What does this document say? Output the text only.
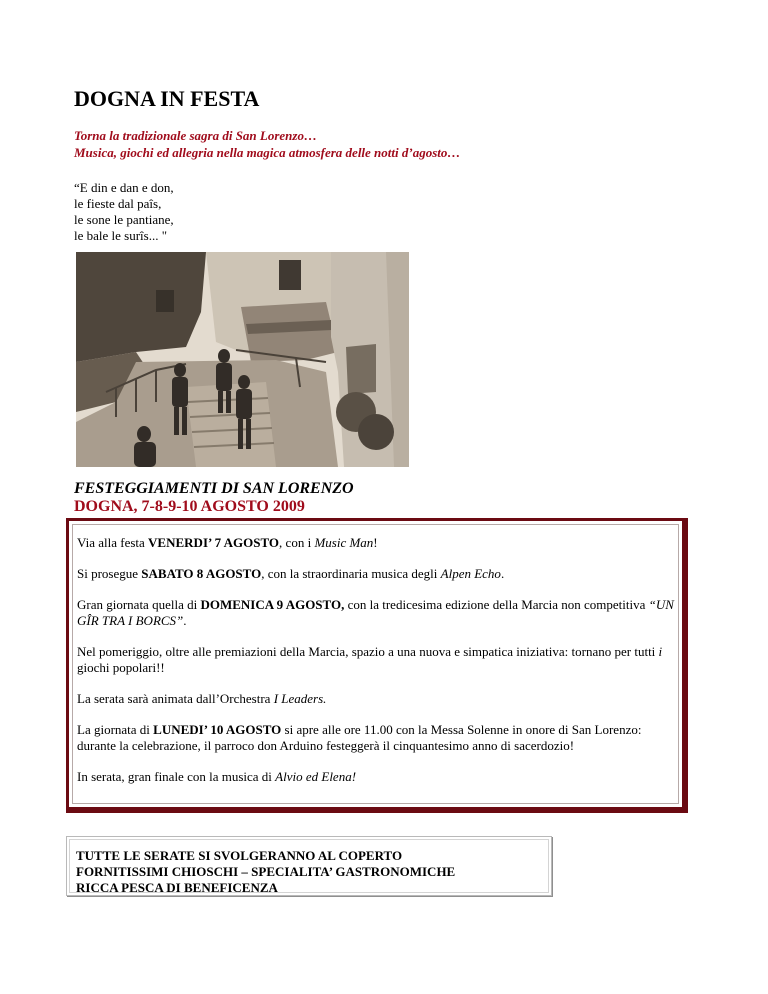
DOGNA IN FESTA
Torna la tradizionale sagra di San Lorenzo…
Musica, giochi ed allegria nella magica atmosfera delle notti d’agosto…
“E din e dan e don,
le fieste dal paîs,
le sone le pantiane,
le bale le surîs... "
FESTEGGIAMENTI DI SAN LORENZO
DOGNA, 7-8-9-10 AGOSTO 2009

Via alla festa VENERDI’ 7 AGOSTO, con i Music Man!

Si prosegue SABATO 8 AGOSTO, con la straordinaria musica degli Alpen Echo.

Gran giornata quella di DOMENICA 9 AGOSTO, con la tredicesima edizione della Marcia non competitiva “UN GÎR TRA I BORCS”.

Nel pomeriggio, oltre alle premiazioni della Marcia, spazio a una nuova e simpatica iniziativa: tornano per tutti i giochi popolari!!

La serata sarà animata dall’Orchestra I Leaders.

La giornata di LUNEDI’ 10 AGOSTO si apre alle ore 11.00 con la Messa Solenne in onore di San Lorenzo: durante la celebrazione, il parroco don Arduino festeggerà il cinquantesimo anno di sacerdozio!

In serata, gran finale con la musica di Alvio ed Elena!

TUTTE LE SERATE SI SVOLGERANNO AL COPERTO
FORNITISSIMI CHIOSCHI – SPECIALITA’ GASTRONOMICHE
RICCA PESCA DI BENEFICENZA
